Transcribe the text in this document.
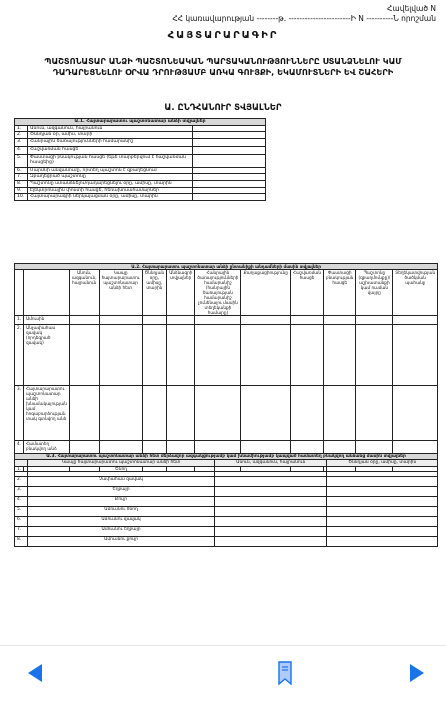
Հավելված N
ՀՀ կառավարության --------թ. -----------------------Ի N ----------Ն որոշման
ՀԱՅՏԱՐԱՐԱԳԻՐ
ՊԱՇՏՈՆԱՏԱՐ ԱՆՁԻ ՊԱՇՏՈՆԵԱԿԱՆ ՊԱՐՏԱԿԱՆՈՒԹՅՈՒՆՆԵՐԸ ՍՏԱՆՁՆԵԼՈՒ ԿԱՄ ԴԱԴԱՐԵՑՆԵԼՈՒ ՕՐՎԱ ԴՐՈՒԹՅԱՄԲ ԱՌԿԱ ԳՈՒՅՔԻ, ԵԿԱՄՈՒՏՆԵՐԻ ԵՎ ՇԱՀԵՐԻ
Ա. ԸՆԴՀԱՆՈՒՐ ՏՎՅԱԼՆԵՐ
Ա.1. Հայտարարատու պաշտոնատար անձի տվյալներ		
1.	Անուն, ազգանուն, հայրանուն	
2.	Ծննդյան օր, ամիս, տարի	
3.	Հանրային ծառայությունների համարանիշ	
4.	Հաշվառման հասցե	
5.	Փաստացի բնակության հասցե (եթե տարբերվում է հաշվառման հասցեից)	
6.	Մարմնի անվանումը, որտեղ պաշտոն է զբաղեցնում	
7.	Զբաղեցրած պաշտոնը	
8.	Պաշտոնը ստանձնելու/դադարեցնելու օրը, ամիսը, տարին	
9.	Էլեկտրոնային փոստի հասցե, հեռախոսահամարներ	
10.	Հայտարարագրի ներկայացման օրը, ամիսը, տարին	
Ա.2. Հայտարարատու պաշտոնատար անձի ընտանիքի անդամների մասին տվյալներ											
		Անուն, ազգանուն, հայրանուն	Կապը հայտարարատու պաշտոնատար անձի հետ	Ծննդյան օրը, ամիսը, տարին	Անձնագրի տվյալներ	Հանրային ծառայությունների համարանիշ (հանրային ծառայության համարանիշ չունենալու մասին տեղեկանքի համարը)	Քաղաքացիությունը	Հաշվառման հասցե	Փաստացի բնակության հասցե	Պաշտոնը (զբաղմունքը)/աշխատանքի կամ ուսման վայրը	Տեղեկատվության ծածկման պահանջ
1.	Ամուսին										
2.	Անչափահաս զավակ (որդեգրած զավակ)										
3.	Հայտարարատու պաշտոնատար անձի խնամակալության կամ հոգաբարձության տակ գտնվող անձ										
4.	Համատեղ բնակվող անձ										
Ա.3. Հայտարարատու պաշտոնատար անձի հետ մերձավոր ազգակցությամբ կամ խնամիությամբ կապված համատեղ բնակվող անձանց մասին տվյալներ			
	Կապը հայտարարատու պաշտոնատար անձի հետ	Անուն, ազգանուն, հայրանուն	Ծննդյան օրը, ամիսը, տարին
1.	Ծնող		
2.	Չափահաս զավակ		
3.	Եղբայր		
4.	Քույր		
5.	Ամուսնու ծնող		
6.	Ամուսնու զավակ		
7.	Ամուսնու եղբայր		
8.	Ամուսնու քույր		
